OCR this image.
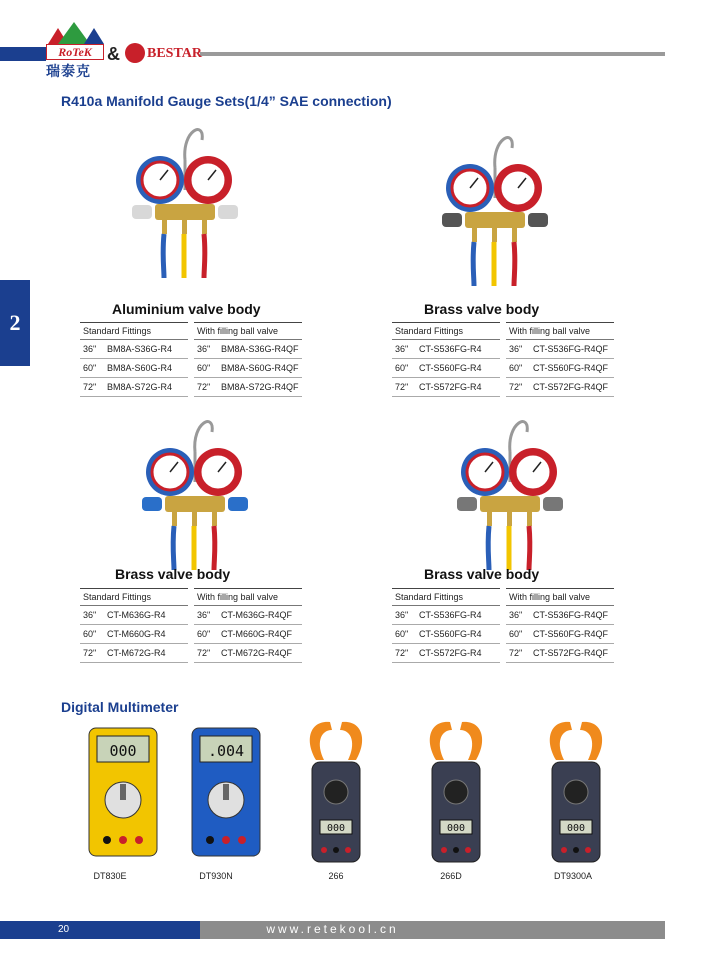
RoTeK
瑞泰克
& BESTAR
2
R410a Manifold Gauge Sets(1/4” SAE connection)
Aluminium valve body
Standard Fittings	
36"	BM8A-S36G-R4
60"	BM8A-S60G-R4
72"	BM8A-S72G-R4
With filling ball valve	
36"	BM8A-S36G-R4QF
60"	BM8A-S60G-R4QF
72"	BM8A-S72G-R4QF
Brass valve body
Standard Fittings	
36"	CT-S536FG-R4
60"	CT-S560FG-R4
72"	CT-S572FG-R4
With filling ball valve	
36"	CT-S536FG-R4QF
60"	CT-S560FG-R4QF
72"	CT-S572FG-R4QF
Brass valve body
Standard Fittings	
36"	CT-M636G-R4
60"	CT-M660G-R4
72"	CT-M672G-R4
With filling ball valve	
36"	CT-M636G-R4QF
60"	CT-M660G-R4QF
72"	CT-M672G-R4QF
Brass valve body
Standard Fittings	
36"	CT-S536FG-R4
60"	CT-S560FG-R4
72"	CT-S572FG-R4
With filling ball valve	
36"	CT-S536FG-R4QF
60"	CT-S560FG-R4QF
72"	CT-S572FG-R4QF
Digital Multimeter
000
DT830E
.004
DT930N
000
266
000
266D
000
DT9300A
20	www.retekool.cn
